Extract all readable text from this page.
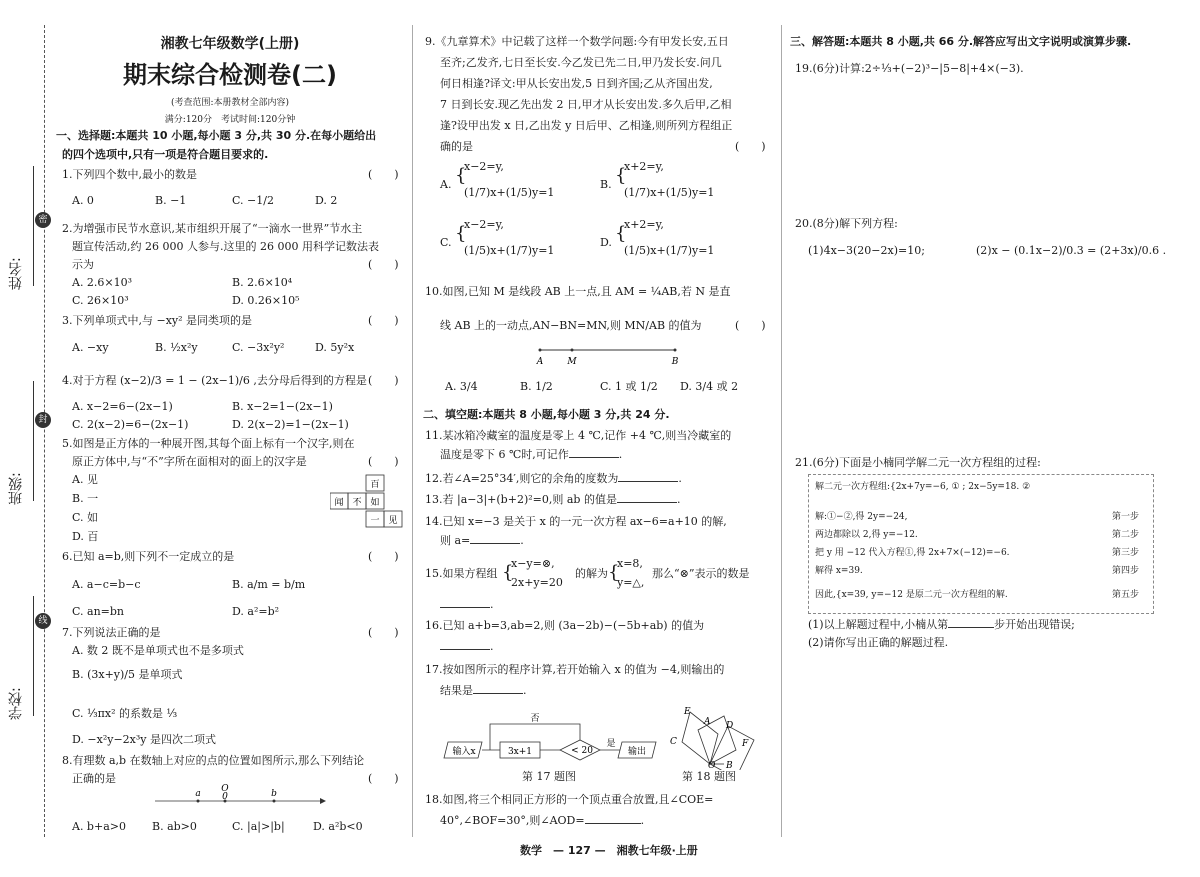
密
封
线
姓名:
班级:
学校:
湘教七年级数学(上册)
期末综合检测卷(二)
(考查范围:本册教材全部内容)
满分:120分　考试时间:120分钟
一、选择题:本题共 10 小题,每小题 3 分,共 30 分.在每小题给出
的四个选项中,只有一项是符合题目要求的.
1.下列四个数中,最小的数是	(　　)
A. 0	B. −1	C. −1/2	D. 2
2.为增强市民节水意识,某市组织开展了“一滴水一世界”节水主
题宣传活动,约 26 000 人参与.这里的 26 000 用科学记数法表
示为	(　　)
A. 2.6×10³	B. 2.6×10⁴
C. 26×10³	D. 0.26×10⁵
3.下列单项式中,与 −xy² 是同类项的是	(　　)
A. −xy	B. ½x²y	C. −3x²y²	D. 5y²x
4.对于方程 (x−2)/3 = 1 − (2x−1)/6 ,去分母后得到的方程是 (　　)
A. x−2=6−(2x−1)	B. x−2=1−(2x−1)
C. 2(x−2)=6−(2x−1)	D. 2(x−2)=1−(2x−1)
5.如图是正方体的一种展开图,其每个面上标有一个汉字,则在
原正方体中,与“不”字所在面相对的面上的汉字是	(　　)
A. 见
B. 一
C. 如
D. 百
百
闻 不 如
一 见
6.已知 a=b,则下列不一定成立的是	(　　)
A. a−c=b−c	B. a/m = b/m
C. an=bn	D. a²=b²
7.下列说法正确的是	(　　)
A. 数 2 既不是单项式也不是多项式
B. (3x+y)/5 是单项式
C. ⅓πx² 的系数是 ⅓
D. −x²y−2x³y 是四次二项式
8.有理数 a,b 在数轴上对应的点的位置如图所示,那么下列结论
正确的是	(　　)
a O
0	b
A. b+a>0 B. ab>0	C. |a|>|b|	D. a²b<0
9.《九章算术》中记载了这样一个数学问题:今有甲发长安,五日
至齐;乙发齐,七日至长安.今乙发已先二日,甲乃发长安.问几
何日相逢?译文:甲从长安出发,5 日到齐国;乙从齐国出发,
7 日到长安.现乙先出发 2 日,甲才从长安出发.多久后甲,乙相
逢?设甲出发 x 日,乙出发 y 日后甲、乙相逢,则所列方程组正
确的是	(　　)
A. {
x−2=y,
(1/7)x+(1/5)y=1
B. {
x+2=y,
(1/7)x+(1/5)y=1
C. {
x−2=y,
(1/5)x+(1/7)y=1
D. {
x+2=y,
(1/5)x+(1/7)y=1
10.如图,已知 M 是线段 AB 上一点,且 AM = ¼AB,若 N 是直
线 AB 上的一动点,AN−BN=MN,则 MN/AB 的值为	(　　)
A	M	B
A. 3/4	B. 1/2	C. 1 或 1/2 D. 3/4 或 2
二、填空题:本题共 8 小题,每小题 3 分,共 24 分.
11.某冰箱冷藏室的温度是零上 4 ℃,记作 +4 ℃,则当冷藏室的
温度是零下 6 ℃时,可记作	.
12.若∠A=25°34′,则它的余角的度数为	.
13.若 |a−3|+(b+2)²=0,则 ab 的值是	.
14.已知 x=−3 是关于 x 的一元一次方程 ax−6=a+10 的解,
则 a=	.
15.如果方程组 {
x−y=⊗,
2x+y=20
的解为 {
x=8,
y=△,
那么“⊗”表示的数是
.
16.已知 a+b=3,ab=2,则 (3a−2b)−(−5b+ab) 的值为
.
17.按如图所示的程序计算,若开始输入 x 的值为 −4,则输出的
结果是	.
输入x	3x+1	< 20	输出
否
是
第 17 题图
E
A D
C	F
O B
第 18 题图
18.如图,将三个相同正方形的一个顶点重合放置,且∠COE=
40°,∠BOF=30°,则∠AOD=	.
三、解答题:本题共 8 小题,共 66 分.解答应写出文字说明或演算步骤.
19.(6分)计算:2÷⅓+(−2)³−|5−8|+4×(−3).
20.(8分)解下列方程:
(1)4x−3(20−2x)=10;	(2)x − (0.1x−2)/0.3 = (2+3x)/0.6 .
21.(6分)下面是小楠同学解二元一次方程组的过程:
解二元一次方程组:{2x+7y=−6, ① ; 2x−5y=18. ②
解:①−②,得 2y=−24,	第一步
两边都除以 2,得 y=−12.	第二步
把 y 用 −12 代入方程①,得 2x+7×(−12)=−6.	第三步
解得 x=39.	第四步
因此,{x=39, y=−12 是原二元一次方程组的解.	第五步
(1)以上解题过程中,小楠从第	步开始出现错误;
(2)请你写出正确的解题过程.
数学　— 127 —　湘教七年级·上册
